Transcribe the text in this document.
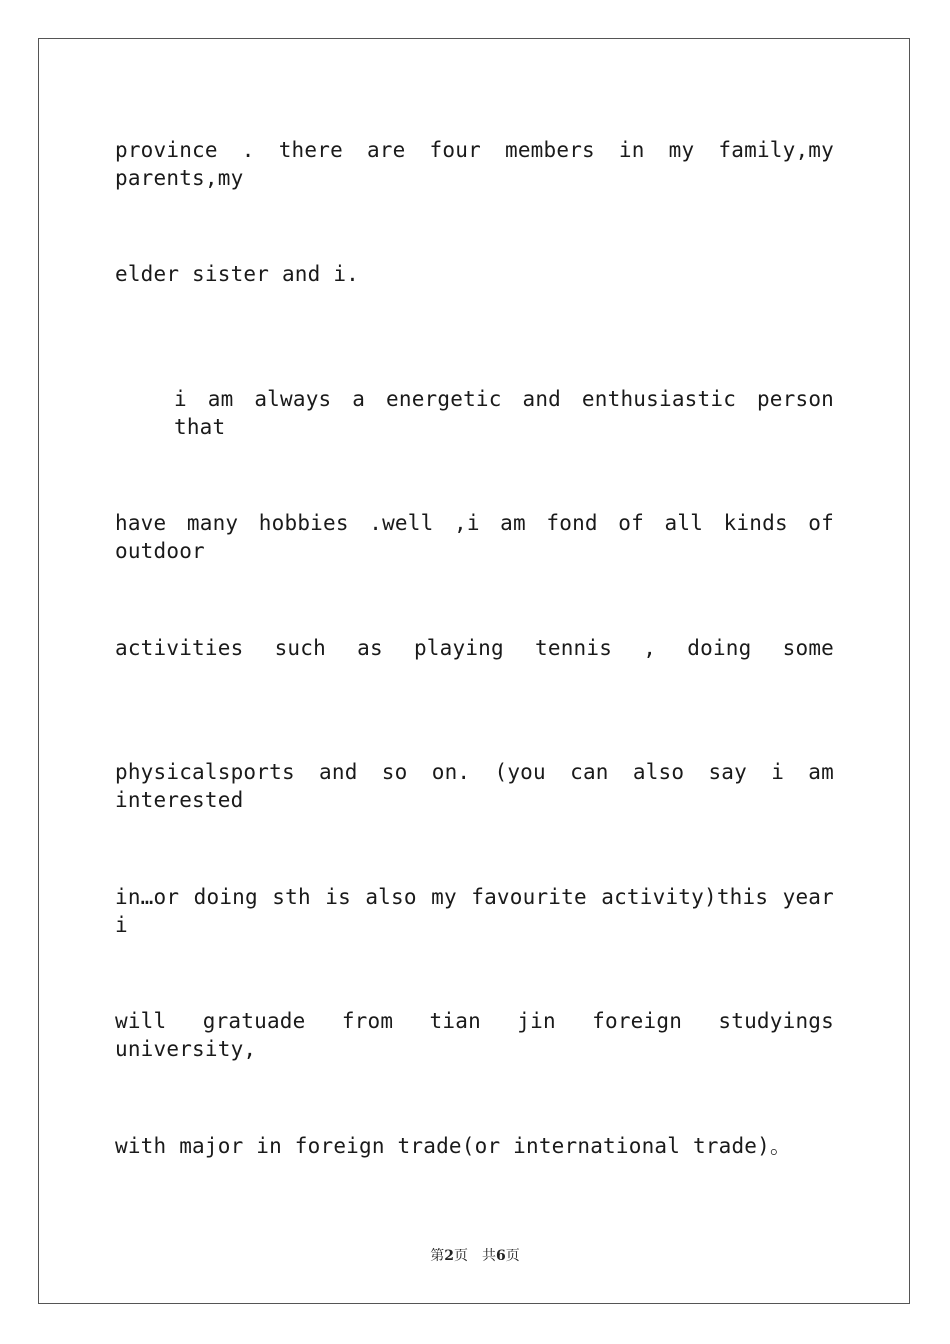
province . there are four members in my family,my parents,my
elder sister and i.
i am always a energetic and enthusiastic person that
have many hobbies .well ,i am fond of all kinds of outdoor
activities such as playing tennis , doing some
physicalsports and so on. (you can also say i am interested
in…or doing sth is also my favourite activity)this year i
will gratuade from tian jin foreign studyings university,
with major in foreign trade(or international trade)。
第2页 共6页
